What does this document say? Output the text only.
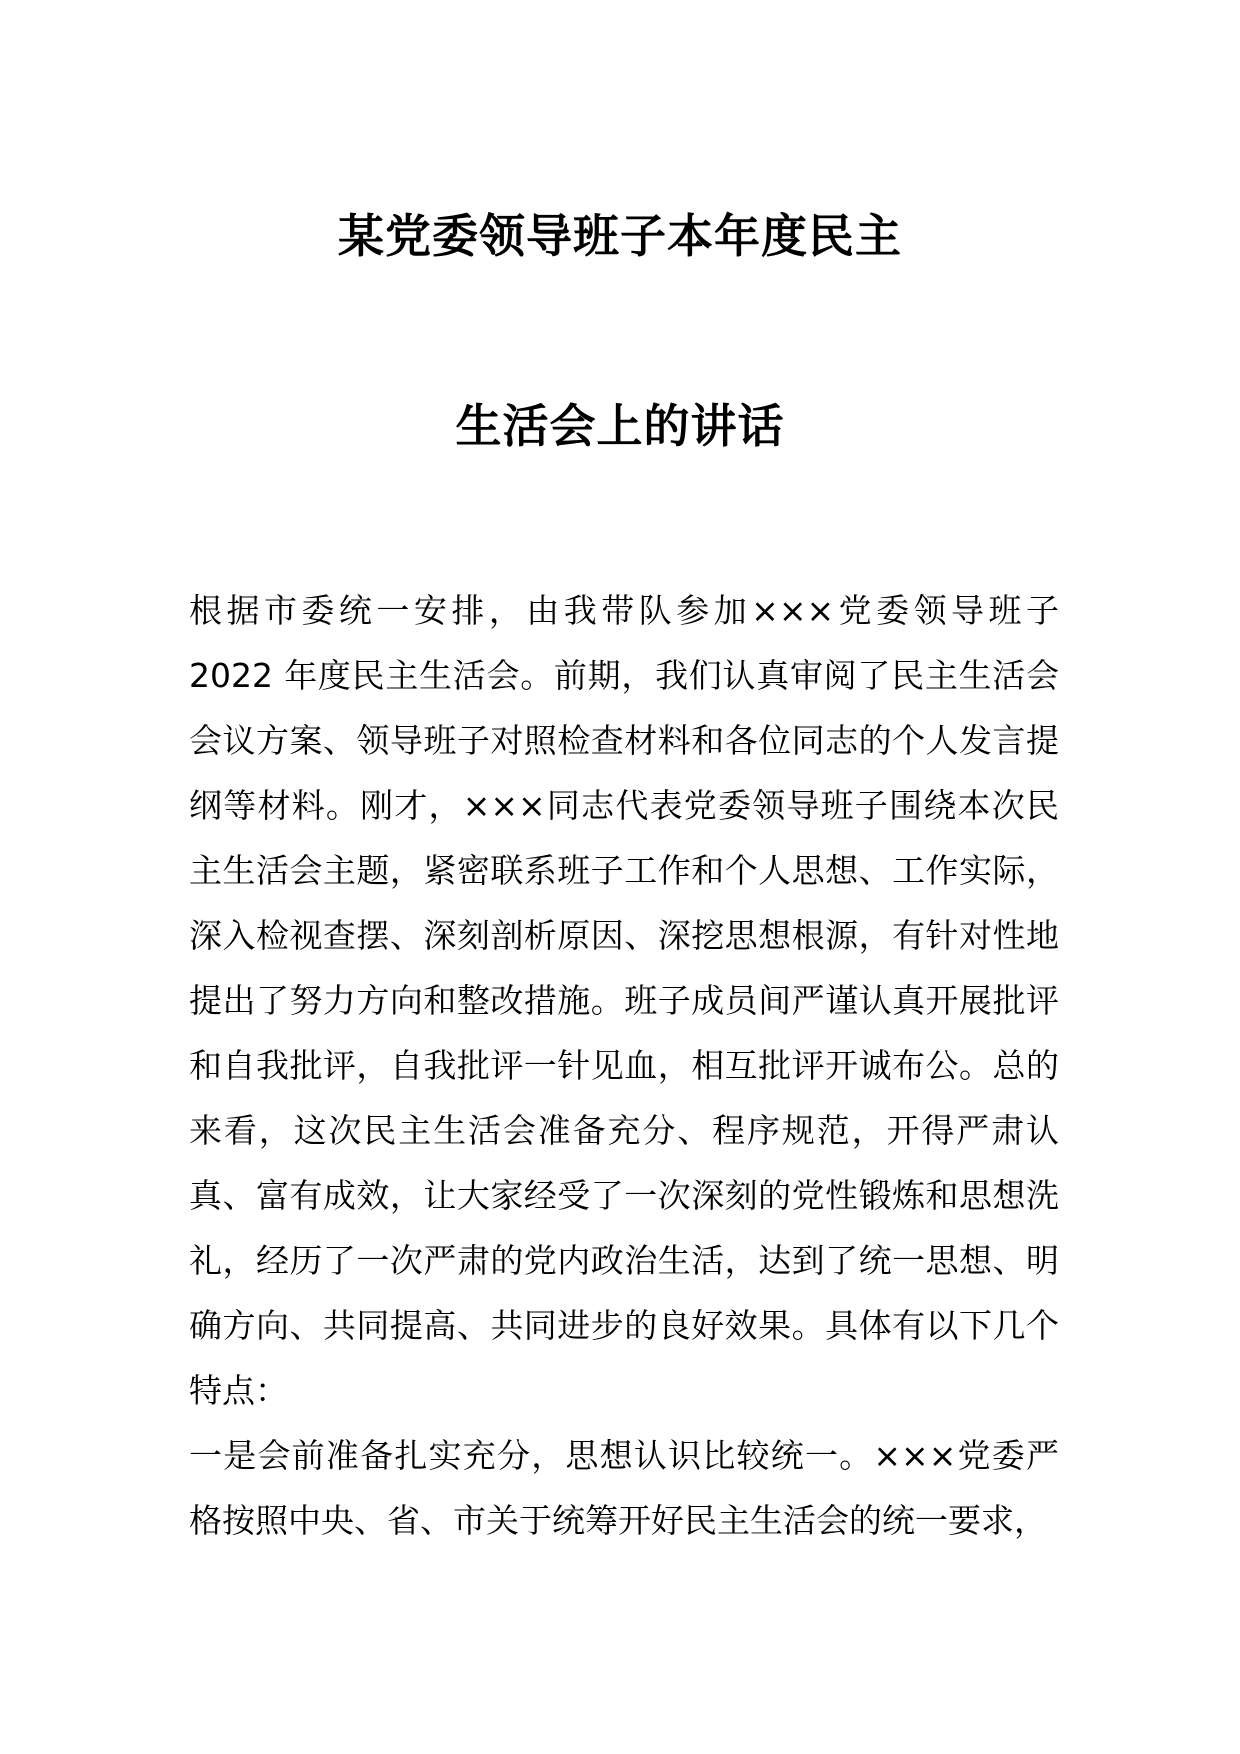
某党委领导班子本年度民主
生活会上的讲话

根据市委统一安排，由我带队参加×××党委领导班子 2022 年度民主生活会。前期，我们认真审阅了民主生活会会议方案、领导班子对照检查材料和各位同志的个人发言提纲等材料。刚才，×××同志代表党委领导班子围绕本次民主生活会主题，紧密联系班子工作和个人思想、工作实际，深入检视查摆、深刻剖析原因、深挖思想根源，有针对性地提出了努力方向和整改措施。班子成员间严谨认真开展批评和自我批评，自我批评一针见血，相互批评开诚布公。总的来看，这次民主生活会准备充分、程序规范，开得严肃认真、富有成效，让大家经受了一次深刻的党性锻炼和思想洗礼，经历了一次严肃的党内政治生活，达到了统一思想、明确方向、共同提高、共同进步的良好效果。具体有以下几个特点：

一是会前准备扎实充分，思想认识比较统一。×××党委严格按照中央、省、市关于统筹开好民主生活会的统一要求，
